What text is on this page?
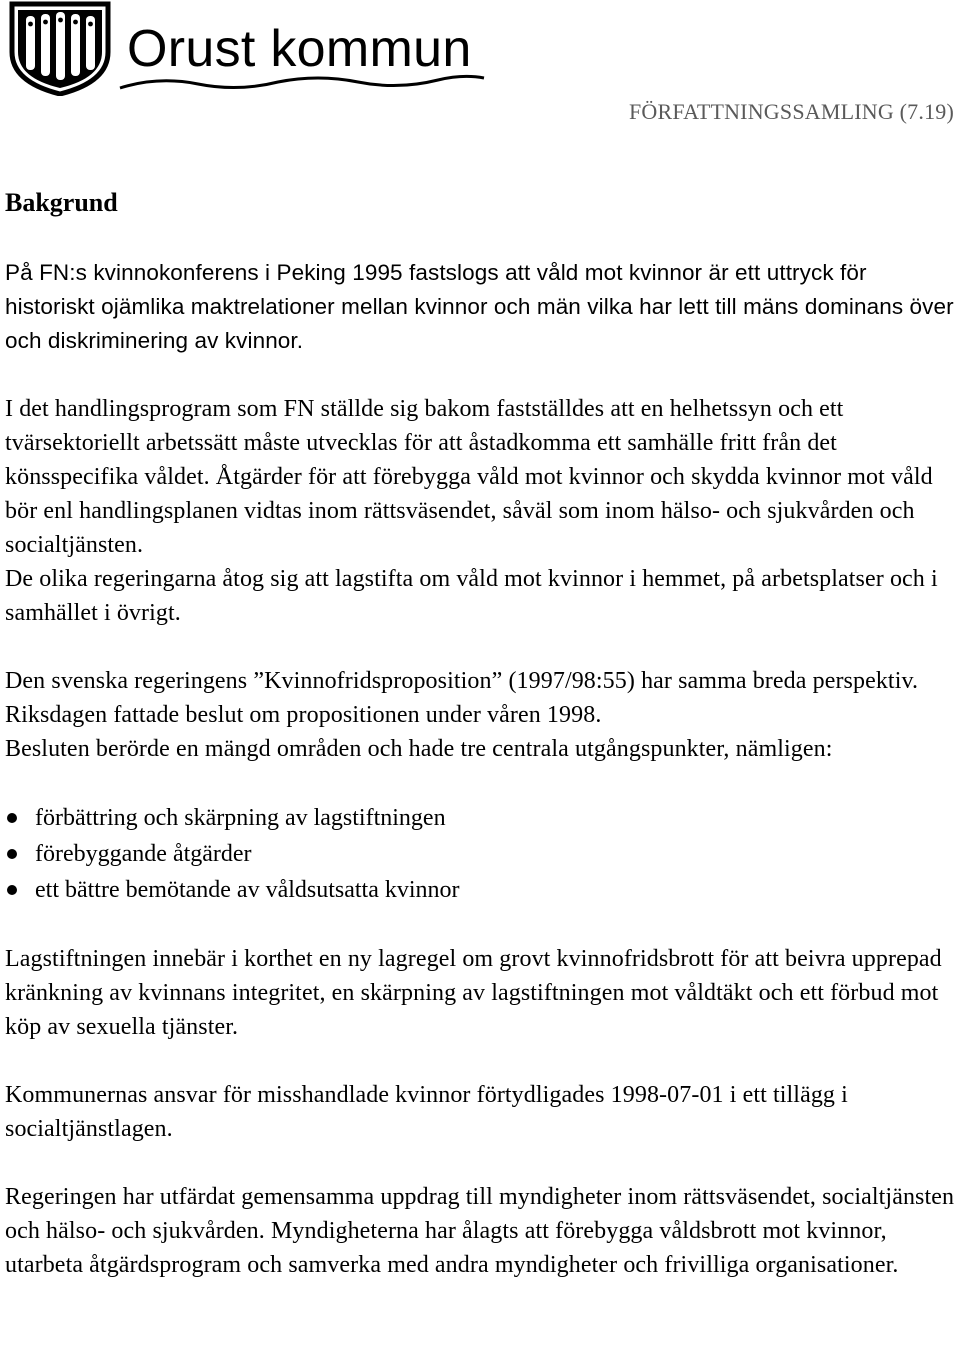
Orust kommun
FÖRFATTNINGSSAMLING (7.19)
Bakgrund

På FN:s kvinnokonferens i Peking 1995 fastslogs att våld mot kvinnor är ett uttryck för historiskt ojämlika maktrelationer mellan kvinnor och män vilka har lett till mäns dominans över och diskriminering av kvinnor.

I det handlingsprogram som FN ställde sig bakom fastställdes att en helhetssyn och ett tvärsektoriellt arbetssätt måste utvecklas för att åstadkomma ett samhälle fritt från det könsspecifika våldet. Åtgärder för att förebygga våld mot kvinnor och skydda kvinnor mot våld bör enl handlingsplanen vidtas inom rättsväsendet, såväl som inom hälso- och sjukvården och socialtjänsten.

De olika regeringarna åtog sig att lagstifta om våld mot kvinnor i hemmet, på arbetsplatser och i samhället i övrigt.

Den svenska regeringens ”Kvinnofridsproposition” (1997/98:55) har samma breda perspektiv. Riksdagen fattade beslut om propositionen under våren 1998.

Besluten berörde en mängd områden och hade tre centrala utgångspunkter, nämligen:

förbättring och skärpning av lagstiftningen
förebyggande åtgärder
ett bättre bemötande av våldsutsatta kvinnor

Lagstiftningen innebär i korthet en ny lagregel om grovt kvinnofridsbrott för att beivra upprepad kränkning av kvinnans integritet, en skärpning av lagstiftningen mot våldtäkt och ett förbud mot köp av sexuella tjänster.

Kommunernas ansvar för misshandlade kvinnor förtydligades 1998-07-01 i ett tillägg i socialtjänstlagen.

Regeringen har utfärdat gemensamma uppdrag till myndigheter inom rättsväsendet, socialtjänsten och hälso- och sjukvården. Myndigheterna har ålagts att förebygga våldsbrott mot kvinnor, utarbeta åtgärdsprogram och samverka med andra myndigheter och frivilliga organisationer.
